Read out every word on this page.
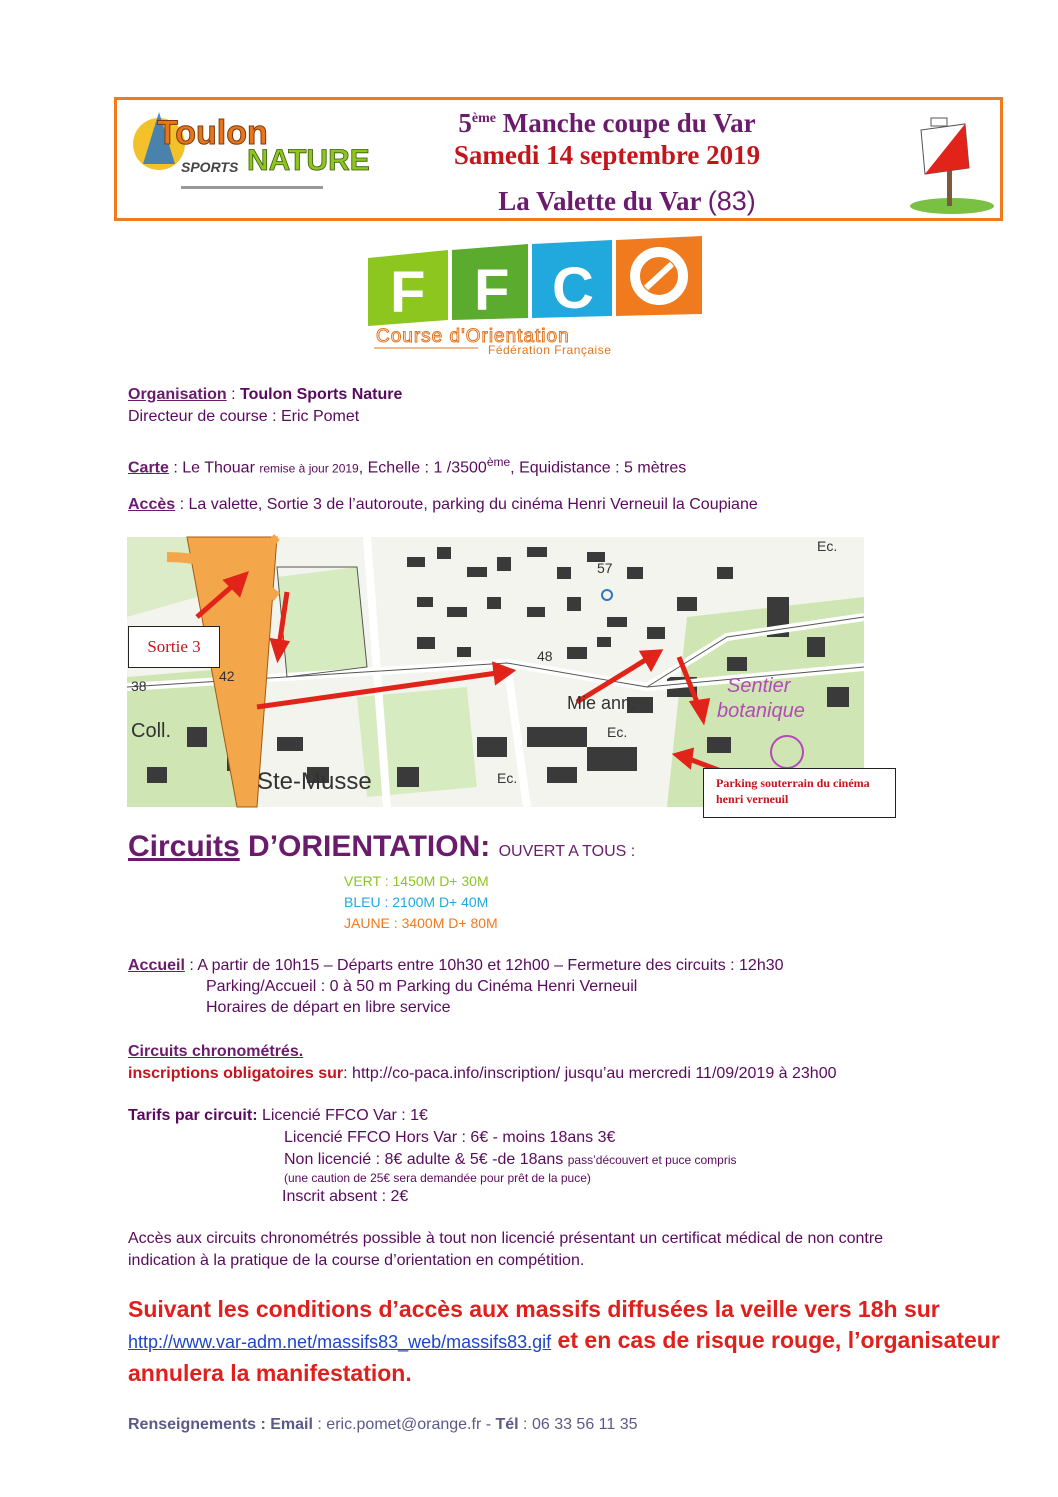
Toulon
SPORTS NATURE
5ème Manche coupe du Var
Samedi 14 septembre 2019
La Valette du Var (83)
F F C
Course d'Orientation
Fédération Française
Organisation : Toulon Sports Nature
Directeur de course : Eric Pomet
Carte : Le Thouar remise à jour 2019, Echelle : 1 /3500ème, Equidistance : 5 mètres
Accès : La valette, Sortie 3 de l’autoroute, parking du cinéma Henri Verneuil la Coupiane
Coll.
Ste-Musse
Mie ann.
38
42
48
57
Ec.
Ec.
Ec.
Sentier
botanique
Sortie 3
Parking souterrain du cinéma henri verneuil
Circuits D’ORIENTATION: OUVERT A TOUS :
VERT : 1450M D+ 30M
BLEU : 2100M D+ 40M
JAUNE : 3400M D+ 80M
Accueil : A partir de 10h15 – Départs entre 10h30 et 12h00 – Fermeture des circuits : 12h30
Parking/Accueil : 0 à 50 m Parking du Cinéma Henri Verneuil
Horaires de départ en libre service
Circuits chronométrés.
inscriptions obligatoires sur: http://co-paca.info/inscription/ jusqu’au mercredi 11/09/2019 à 23h00
Tarifs par circuit: Licencié FFCO Var : 1€
Licencié FFCO Hors Var : 6€ - moins 18ans 3€
Non licencié : 8€ adulte & 5€ -de 18ans pass’découvert et puce compris
(une caution de 25€ sera demandée pour prêt de la puce)
Inscrit absent : 2€
Accès aux circuits chronométrés possible à tout non licencié présentant un certificat médical de non contre
indication à la pratique de la course d’orientation en compétition.
Suivant les conditions d’accès aux massifs diffusées la veille vers 18h sur http://www.var-adm.net/massifs83_web/massifs83.gif et en cas de risque rouge, l’organisateur annulera la manifestation.
Renseignements : Email : eric.pomet@orange.fr - Tél : 06 33 56 11 35
